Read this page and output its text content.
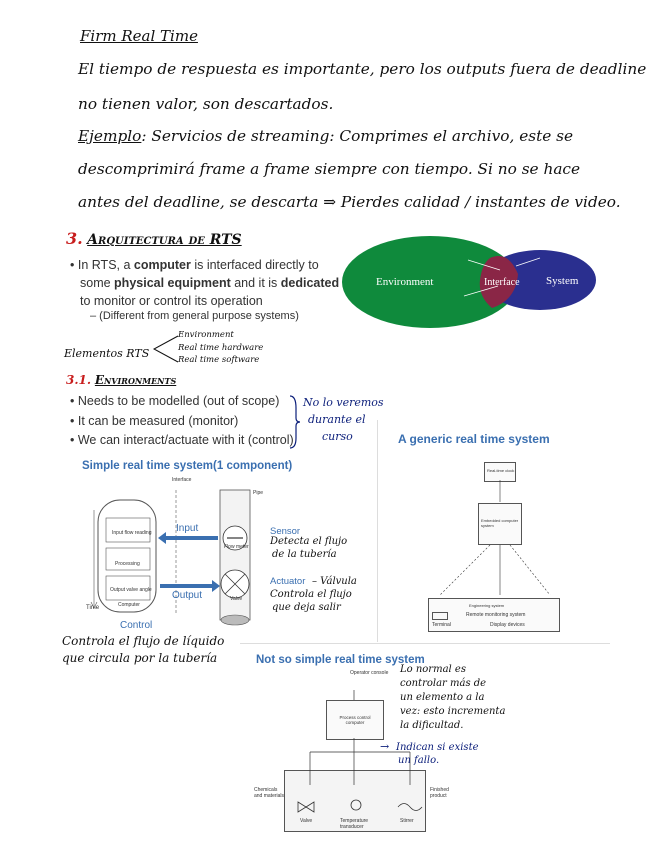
Firm Real Time
El tiempo de respuesta es importante, pero los outputs fuera de deadline
no tienen valor, son descartados.
Ejemplo: Servicios de streaming: Comprimes el archivo, este se
descomprimirá frame a frame siempre con tiempo. Si no se hace
antes del deadline, se descarta ⇒ Pierdes calidad / instantes de video.
3. Arquitectura de RTS
• In RTS, a computer is interfaced directly to
some physical equipment and it is dedicated
to monitor or control its operation
– (Different from general purpose systems)
Environment	Interface System
Elementos RTS
Environment
Real time hardware
Real time software
3.1. Environments
• Needs to be modelled (out of scope)
• It can be measured (monitor)
• We can interact/actuate with it (control)
No lo veremos
durante el
curso
Simple real time system(1 component)
Interface
Pipe
Input flow reading
Processing
Output valve angle
Computer
Flow meter
Valve
Time
Input
Output
Control
Sensor
Actuator
Detecta el flujo
de la tubería
– Válvula
Controla el flujo
que deja salir
Controla el flujo de líquido
que circula por la tubería
A generic real time system
Real-time clock
Embedded computer system
Engineering system
Terminal
Remote monitoring system
Display devices
Not so simple real time system
Operator console
Process control computer
Chemicals and materials
Finished product
Valve	Temperature transducer
Stirrer
Lo normal es
controlar más de
un elemento a la
vez: esto incrementa
la dificultad.
→ Indican si existe
un fallo.
